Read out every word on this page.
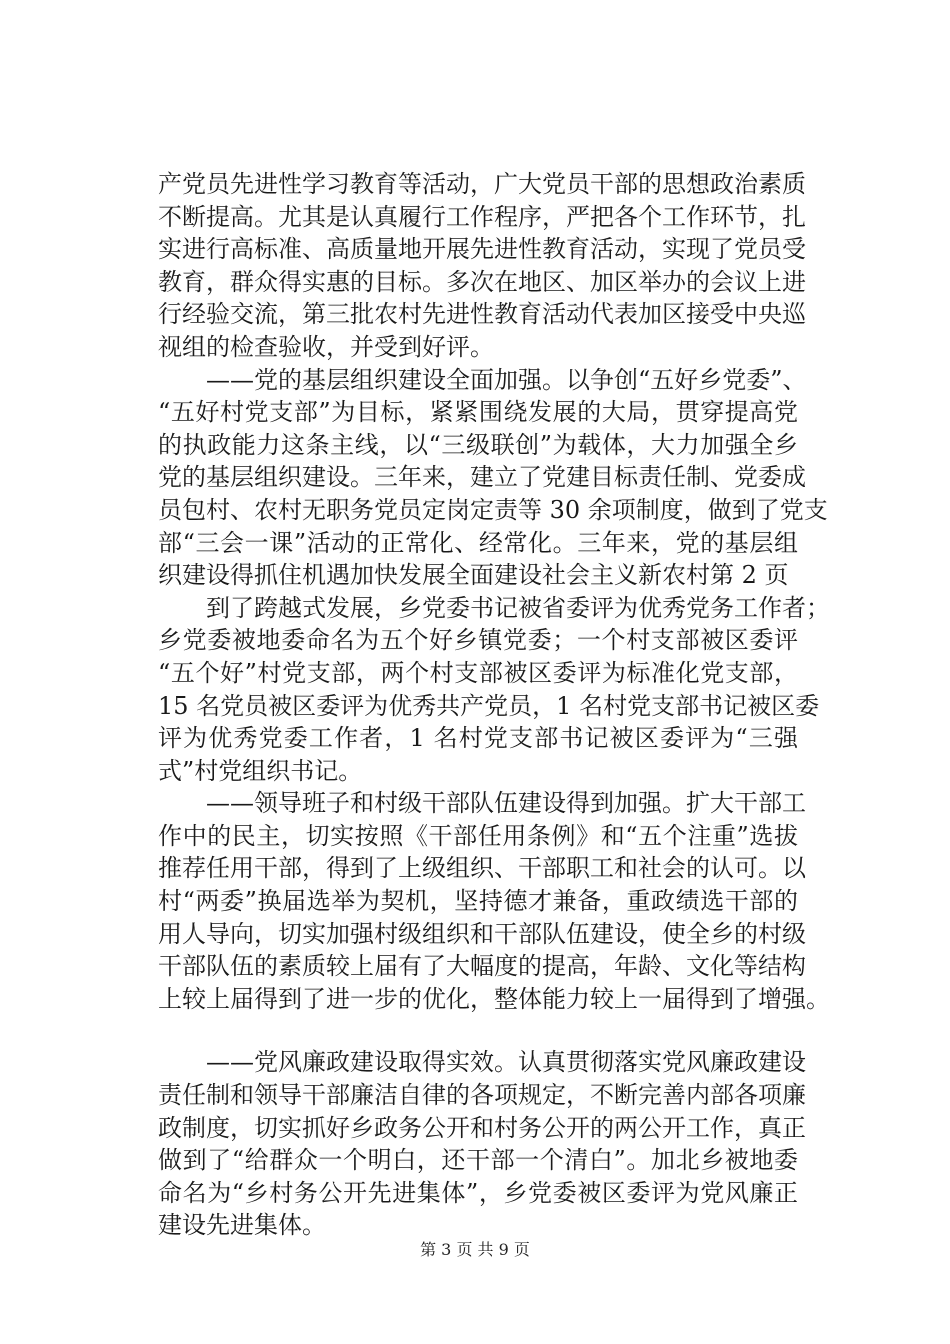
产党员先进性学习教育等活动，广大党员干部的思想政治素质
不断提高。尤其是认真履行工作程序，严把各个工作环节，扎
实进行高标准、高质量地开展先进性教育活动，实现了党员受
教育，群众得实惠的目标。多次在地区、加区举办的会议上进
行经验交流，第三批农村先进性教育活动代表加区接受中央巡
视组的检查验收，并受到好评。
——党的基层组织建设全面加强。以争创“五好乡党委”、
“五好村党支部”为目标，紧紧围绕发展的大局，贯穿提高党
的执政能力这条主线，以“三级联创”为载体，大力加强全乡
党的基层组织建设。三年来，建立了党建目标责任制、党委成
员包村、农村无职务党员定岗定责等 30 余项制度，做到了党支
部“三会一课”活动的正常化、经常化。三年来，党的基层组
织建设得抓住机遇加快发展全面建设社会主义新农村第 2 页
到了跨越式发展，乡党委书记被省委评为优秀党务工作者；
乡党委被地委命名为五个好乡镇党委；一个村支部被区委评
“五个好”村党支部，两个村支部被区委评为标准化党支部，
15 名党员被区委评为优秀共产党员，1 名村党支部书记被区委
评为优秀党委工作者，1 名村党支部书记被区委评为“三强
式”村党组织书记。
——领导班子和村级干部队伍建设得到加强。扩大干部工
作中的民主，切实按照《干部任用条例》和“五个注重”选拔
推荐任用干部，得到了上级组织、干部职工和社会的认可。以
村“两委”换届选举为契机，坚持德才兼备，重政绩选干部的
用人导向，切实加强村级组织和干部队伍建设，使全乡的村级
干部队伍的素质较上届有了大幅度的提高，年龄、文化等结构
上较上届得到了进一步的优化，整体能力较上一届得到了增强。
——党风廉政建设取得实效。认真贯彻落实党风廉政建设
责任制和领导干部廉洁自律的各项规定，不断完善内部各项廉
政制度，切实抓好乡政务公开和村务公开的两公开工作，真正
做到了“给群众一个明白，还干部一个清白”。加北乡被地委
命名为“乡村务公开先进集体”，乡党委被区委评为党风廉正
建设先进集体。
第 3 页 共 9 页
